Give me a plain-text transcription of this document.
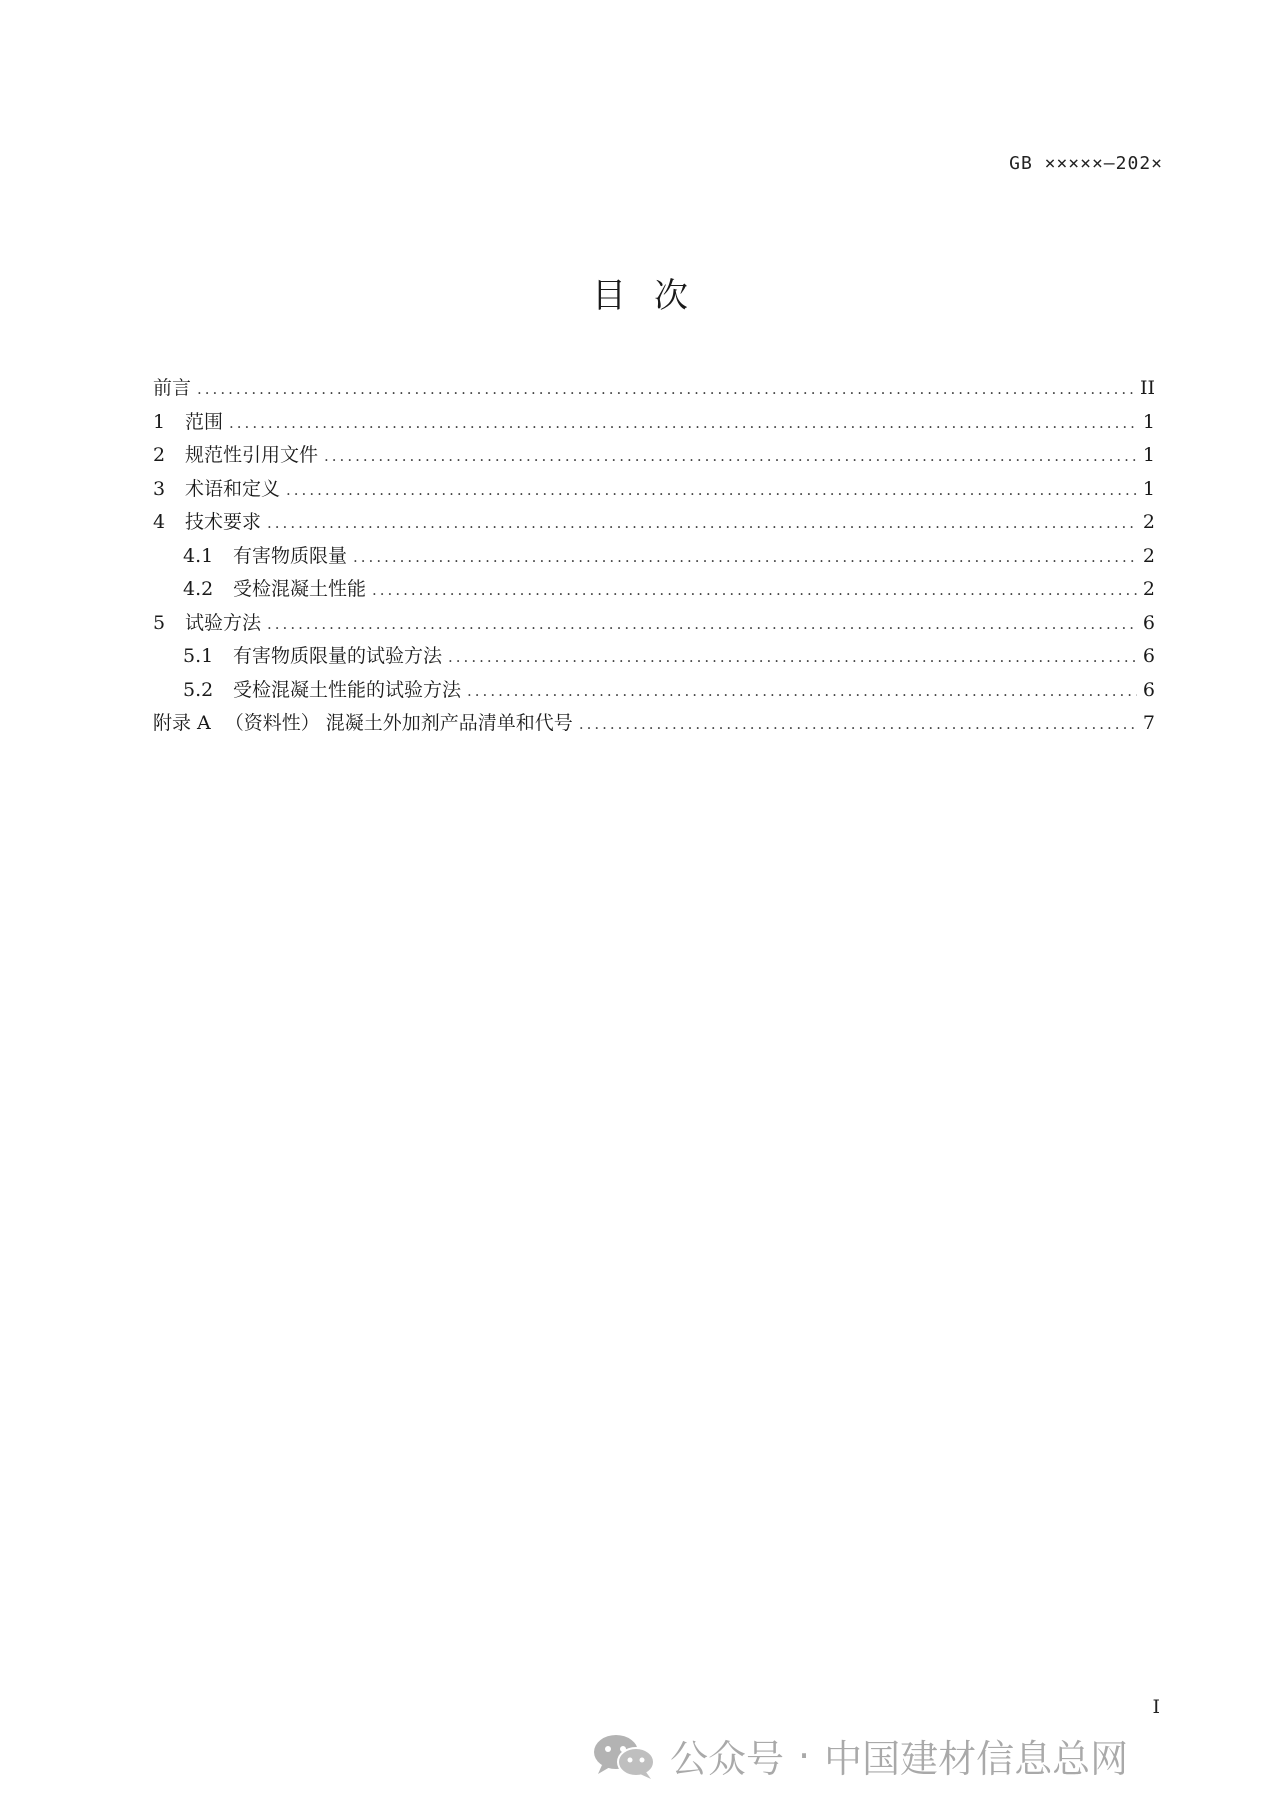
GB ×××××—202×
目次
前言 .....	II
1	范围 .....	1
2	规范性引用文件 .....	1
3	术语和定义 .....	1
4	技术要求 .....	2
4.1	有害物质限量 .....	2
4.2	受检混凝土性能 .....	2
5	试验方法 .....	6
5.1	有害物质限量的试验方法 .....	6
5.2	受检混凝土性能的试验方法 .....	6
附录 A （资料性） 混凝土外加剂产品清单和代号 .....	7
I
公众号 · 中国建材信息总网
